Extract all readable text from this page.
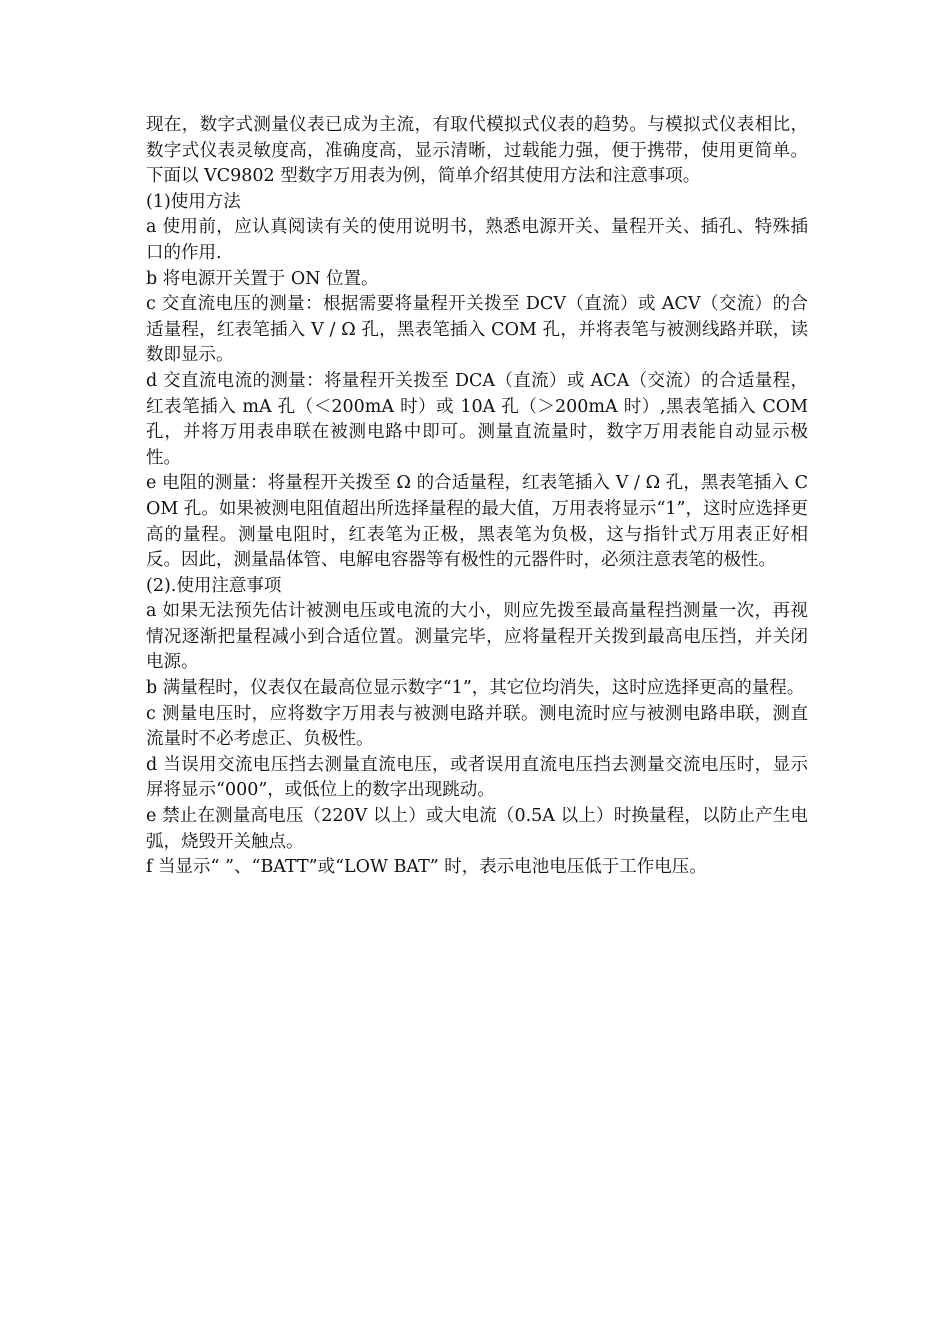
现在，数字式测量仪表已成为主流，有取代模拟式仪表的趋势。与模拟式仪表相比，数字式仪表灵敏度高，准确度高，显示清晰，过载能力强，便于携带，使用更简单。下面以 VC9802 型数字万用表为例，简单介绍其使用方法和注意事项。

(1)使用方法

a 使用前，应认真阅读有关的使用说明书，熟悉电源开关、量程开关、插孔、特殊插口的作用.

b 将电源开关置于 ON 位置。

c 交直流电压的测量：根据需要将量程开关拨至 DCV（直流）或 ACV（交流）的合适量程，红表笔插入 V / Ω 孔，黑表笔插入 COM 孔，并将表笔与被测线路并联，读数即显示。

d 交直流电流的测量：将量程开关拨至 DCA（直流）或 ACA（交流）的合适量程，红表笔插入 mA 孔（＜200mA 时）或 10A 孔（＞200mA 时）,黑表笔插入 COM 孔，并将万用表串联在被测电路中即可。测量直流量时，数字万用表能自动显示极性。

e 电阻的测量：将量程开关拨至 Ω 的合适量程，红表笔插入 V / Ω 孔，黑表笔插入 COM 孔。如果被测电阻值超出所选择量程的最大值，万用表将显示“1”，这时应选择更高的量程。测量电阻时，红表笔为正极，黑表笔为负极，这与指针式万用表正好相反。因此，测量晶体管、电解电容器等有极性的元器件时，必须注意表笔的极性。

(2).使用注意事项

a 如果无法预先估计被测电压或电流的大小，则应先拨至最高量程挡测量一次，再视情况逐渐把量程减小到合适位置。测量完毕，应将量程开关拨到最高电压挡，并关闭电源。

b 满量程时，仪表仅在最高位显示数字“1”，其它位均消失，这时应选择更高的量程。

c 测量电压时，应将数字万用表与被测电路并联。测电流时应与被测电路串联，测直流量时不必考虑正、负极性。

d 当误用交流电压挡去测量直流电压，或者误用直流电压挡去测量交流电压时，显示屏将显示“000”，或低位上的数字出现跳动。

e 禁止在测量高电压（220V 以上）或大电流（0.5A 以上）时换量程，以防止产生电弧，烧毁开关触点。

f 当显示“ ”、“BATT”或“LOW BAT” 时，表示电池电压低于工作电压。
